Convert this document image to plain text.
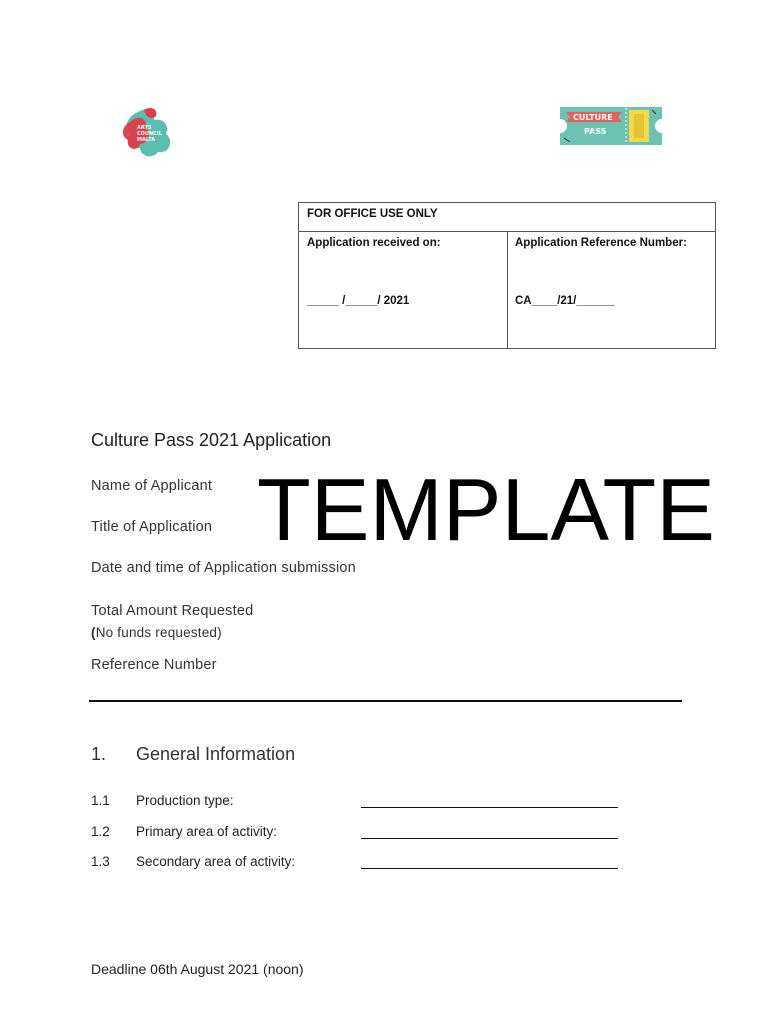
ARTS
COUNCIL
MALTA
CULTURE
PASS
FOR OFFICE USE ONLY
Application received on:
_____ /_____/ 2021
Application Reference Number:
CA____/21/______
Culture Pass 2021 Application
Name of Applicant
Title of Application
Date and time of Application submission
Total Amount Requested
(No funds requested)
Reference Number
TEMPLATE
1. General Information
1.1 Production type:
1.2 Primary area of activity:
1.3 Secondary area of activity:
Deadline 06th August 2021 (noon)
